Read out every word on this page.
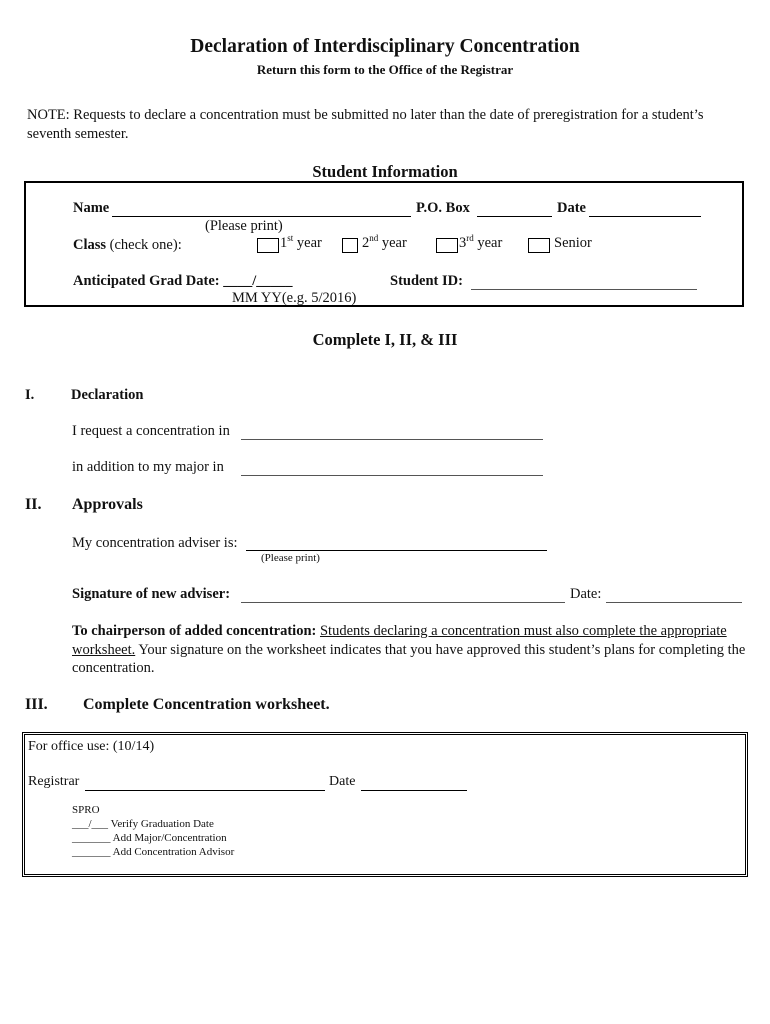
Declaration of Interdisciplinary Concentration
Return this form to the Office of the Registrar
NOTE: Requests to declare a concentration must be submitted no later than the date of preregistration for a student’s seventh semester.
Student Information
Name	P.O. Box	Date
(Please print)
Class (check one):	1st year	2nd year	3rd year	Senior
Anticipated Grad Date: ____/_____
MM YY(e.g. 5/2016)
Student ID:
Complete I, II, & III
I.	Declaration
I request a concentration in
in addition to my major in
II. Approvals
My concentration adviser is:
(Please print)
Signature of new adviser:	Date:
To chairperson of added concentration: Students declaring a concentration must also complete the appropriate worksheet. Your signature on the worksheet indicates that you have approved this student’s plans for completing the concentration.
III. Complete Concentration worksheet.
For office use: (10/14)
Registrar	Date
SPRO
___/___ Verify Graduation Date
_______ Add Major/Concentration
_______ Add Concentration Advisor
